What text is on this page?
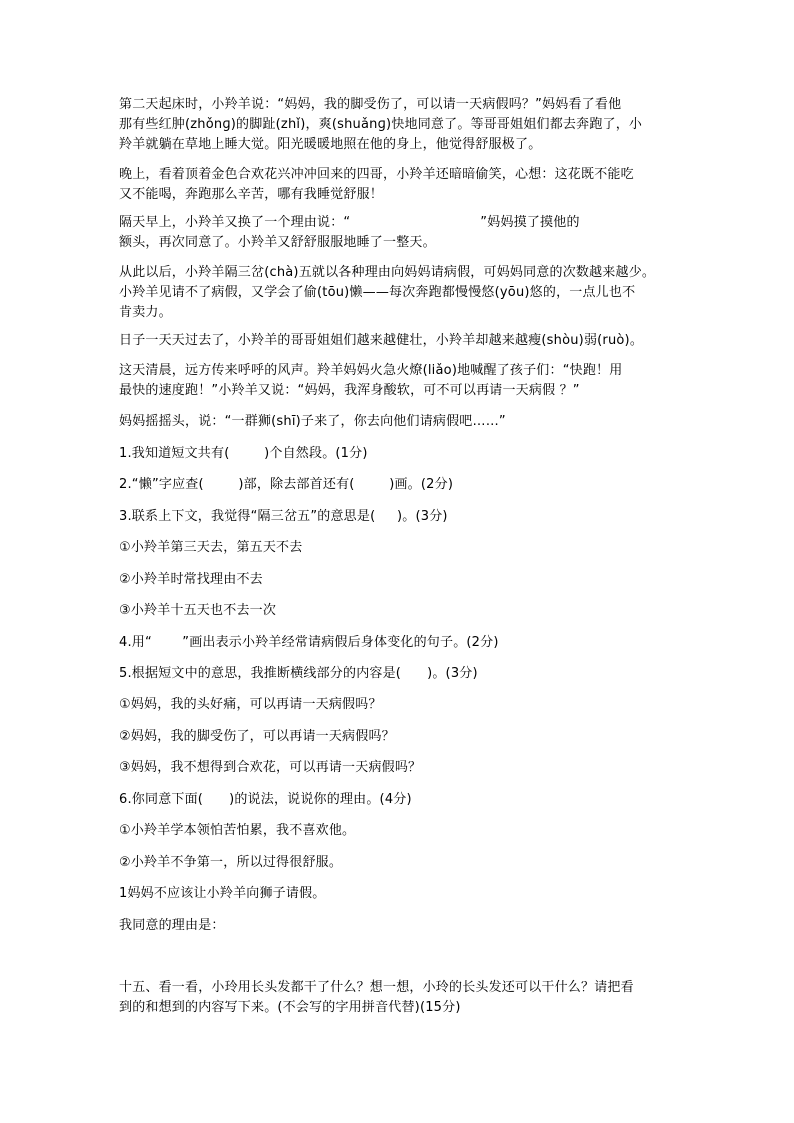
第二天起床时，小羚羊说：“妈妈，我的脚受伤了，可以请一天病假吗？”妈妈看了看他
那有些红肿(zhǒnɡ)的脚趾(zhǐ)，爽(shuǎnɡ)快地同意了。等哥哥姐姐们都去奔跑了，小
羚羊就躺在草地上睡大觉。阳光暖暖地照在他的身上，他觉得舒服极了。
晚上，看着顶着金色合欢花兴冲冲回来的四哥，小羚羊还暗暗偷笑，心想：这花既不能吃
又不能喝，奔跑那么辛苦，哪有我睡觉舒服！
隔天早上，小羚羊又换了一个理由说：“                              ”妈妈摸了摸他的
额头，再次同意了。小羚羊又舒舒服服地睡了一整天。
从此以后，小羚羊隔三岔(chà)五就以各种理由向妈妈请病假，可妈妈同意的次数越来越少。
小羚羊见请不了病假，又学会了偷(tōu)懒——每次奔跑都慢慢悠(yōu)悠的，一点儿也不
肯卖力。
日子一天天过去了，小羚羊的哥哥姐姐们越来越健壮，小羚羊却越来越瘦(shòu)弱(ruò)。
这天清晨，远方传来呼呼的风声。羚羊妈妈火急火燎(liǎo)地喊醒了孩子们：“快跑！用
最快的速度跑！”小羚羊又说：“妈妈，我浑身酸软，可不可以再请一天病假 ？”
妈妈摇摇头，说：“一群狮(shī)子来了，你去向他们请病假吧……”
1.我知道短文共有(        )个自然段。(1分)
2.“懒”字应查(        )部，除去部首还有(        )画。(2分)
3.联系上下文，我觉得“隔三岔五”的意思是(     )。(3分)
①小羚羊第三天去，第五天不去
②小羚羊时常找理由不去
③小羚羊十五天也不去一次
4.用“       ”画出表示小羚羊经常请病假后身体变化的句子。(2分)
5.根据短文中的意思，我推断横线部分的内容是(      )。(3分)
①妈妈，我的头好痛，可以再请一天病假吗？
②妈妈，我的脚受伤了，可以再请一天病假吗？
③妈妈，我不想得到合欢花，可以再请一天病假吗？
6.你同意下面(      )的说法，说说你的理由。(4分)
①小羚羊学本领怕苦怕累，我不喜欢他。
②小羚羊不争第一，所以过得很舒服。
1妈妈不应该让小羚羊向狮子请假。
我同意的理由是：
十五、看一看，小玲用长头发都干了什么？想一想，小玲的长头发还可以干什么？请把看
到的和想到的内容写下来。(不会写的字用拼音代替)(15分)
